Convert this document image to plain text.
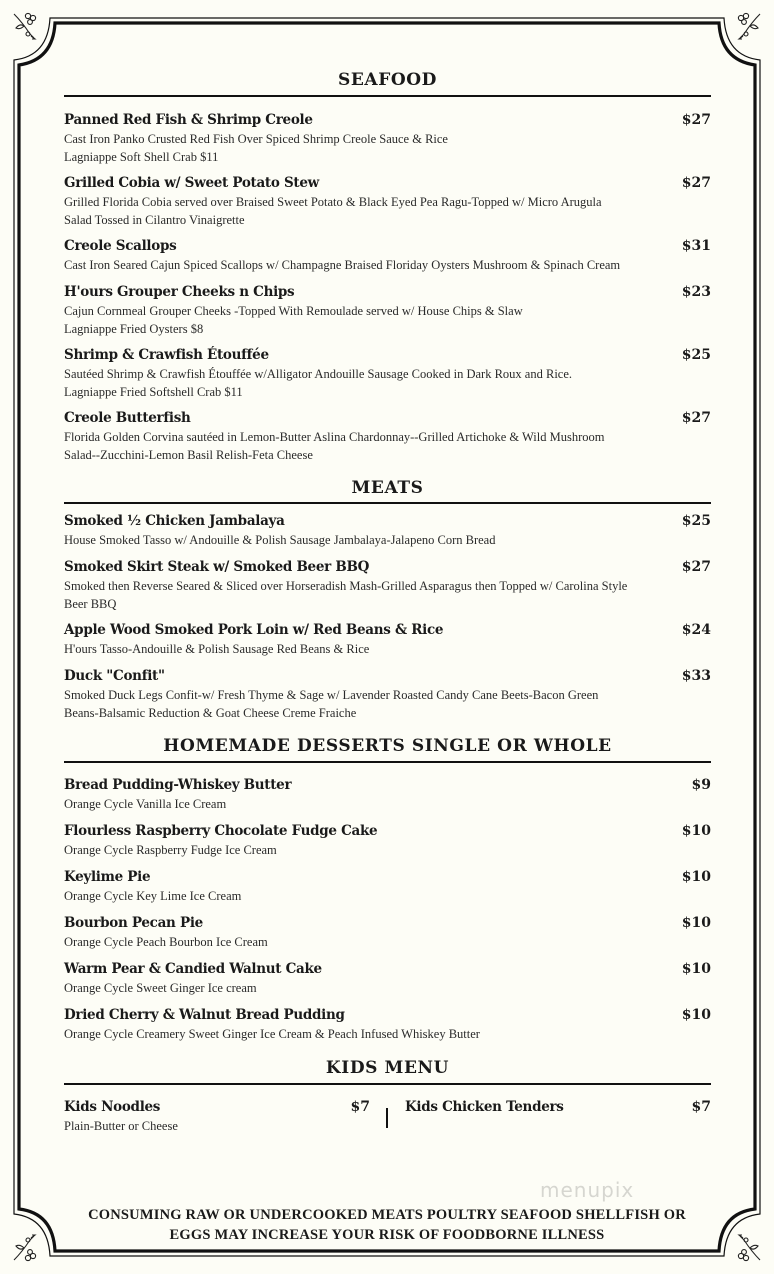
SEAFOOD
Panned Red Fish & Shrimp Creole	$27
Cast Iron Panko Crusted Red Fish Over Spiced Shrimp Creole Sauce & Rice
Lagniappe Soft Shell Crab $11
Grilled Cobia w/ Sweet Potato Stew	$27
Grilled Florida Cobia served over Braised Sweet Potato & Black Eyed Pea Ragu-Topped w/ Micro Arugula
Salad Tossed in Cilantro Vinaigrette
Creole Scallops	$31
Cast Iron Seared Cajun Spiced Scallops w/ Champagne Braised Floriday Oysters Mushroom & Spinach Cream
H'ours Grouper Cheeks n Chips	$23
Cajun Cornmeal Grouper Cheeks -Topped With Remoulade served w/ House Chips & Slaw
Lagniappe Fried Oysters $8
Shrimp & Crawfish Étouffée	$25
Sautéed Shrimp & Crawfish Étouffée w/Alligator Andouille Sausage Cooked in Dark Roux and Rice.
Lagniappe Fried Softshell Crab $11
Creole Butterfish	$27
Florida Golden Corvina sautéed in Lemon-Butter Aslina Chardonnay--Grilled Artichoke & Wild Mushroom
Salad--Zucchini-Lemon Basil Relish-Feta Cheese
MEATS
Smoked ½ Chicken Jambalaya	$25
House Smoked Tasso w/ Andouille & Polish Sausage Jambalaya-Jalapeno Corn Bread
Smoked Skirt Steak w/ Smoked Beer BBQ	$27
Smoked then Reverse Seared & Sliced over Horseradish Mash-Grilled Asparagus then Topped w/ Carolina Style
Beer BBQ
Apple Wood Smoked Pork Loin w/ Red Beans & Rice	$24
H'ours Tasso-Andouille & Polish Sausage Red Beans & Rice
Duck "Confit"	$33
Smoked Duck Legs Confit-w/ Fresh Thyme & Sage w/ Lavender Roasted Candy Cane Beets-Bacon Green
Beans-Balsamic Reduction & Goat Cheese Creme Fraiche
HOMEMADE DESSERTS SINGLE OR WHOLE
Bread Pudding-Whiskey Butter	$9
Orange Cycle Vanilla Ice Cream
Flourless Raspberry Chocolate Fudge Cake	$10
Orange Cycle Raspberry Fudge Ice Cream
Keylime Pie	$10
Orange Cycle Key Lime Ice Cream
Bourbon Pecan Pie	$10
Orange Cycle Peach Bourbon Ice Cream
Warm Pear & Candied Walnut Cake	$10
Orange Cycle Sweet Ginger Ice cream
Dried Cherry & Walnut Bread Pudding	$10
Orange Cycle Creamery Sweet Ginger Ice Cream & Peach Infused Whiskey Butter
KIDS MENU
Kids Noodles	$7
Plain-Butter or Cheese
Kids Chicken Tenders	$7
menupix
CONSUMING RAW OR UNDERCOOKED MEATS POULTRY SEAFOOD SHELLFISH OR
EGGS MAY INCREASE YOUR RISK OF FOODBORNE ILLNESS
